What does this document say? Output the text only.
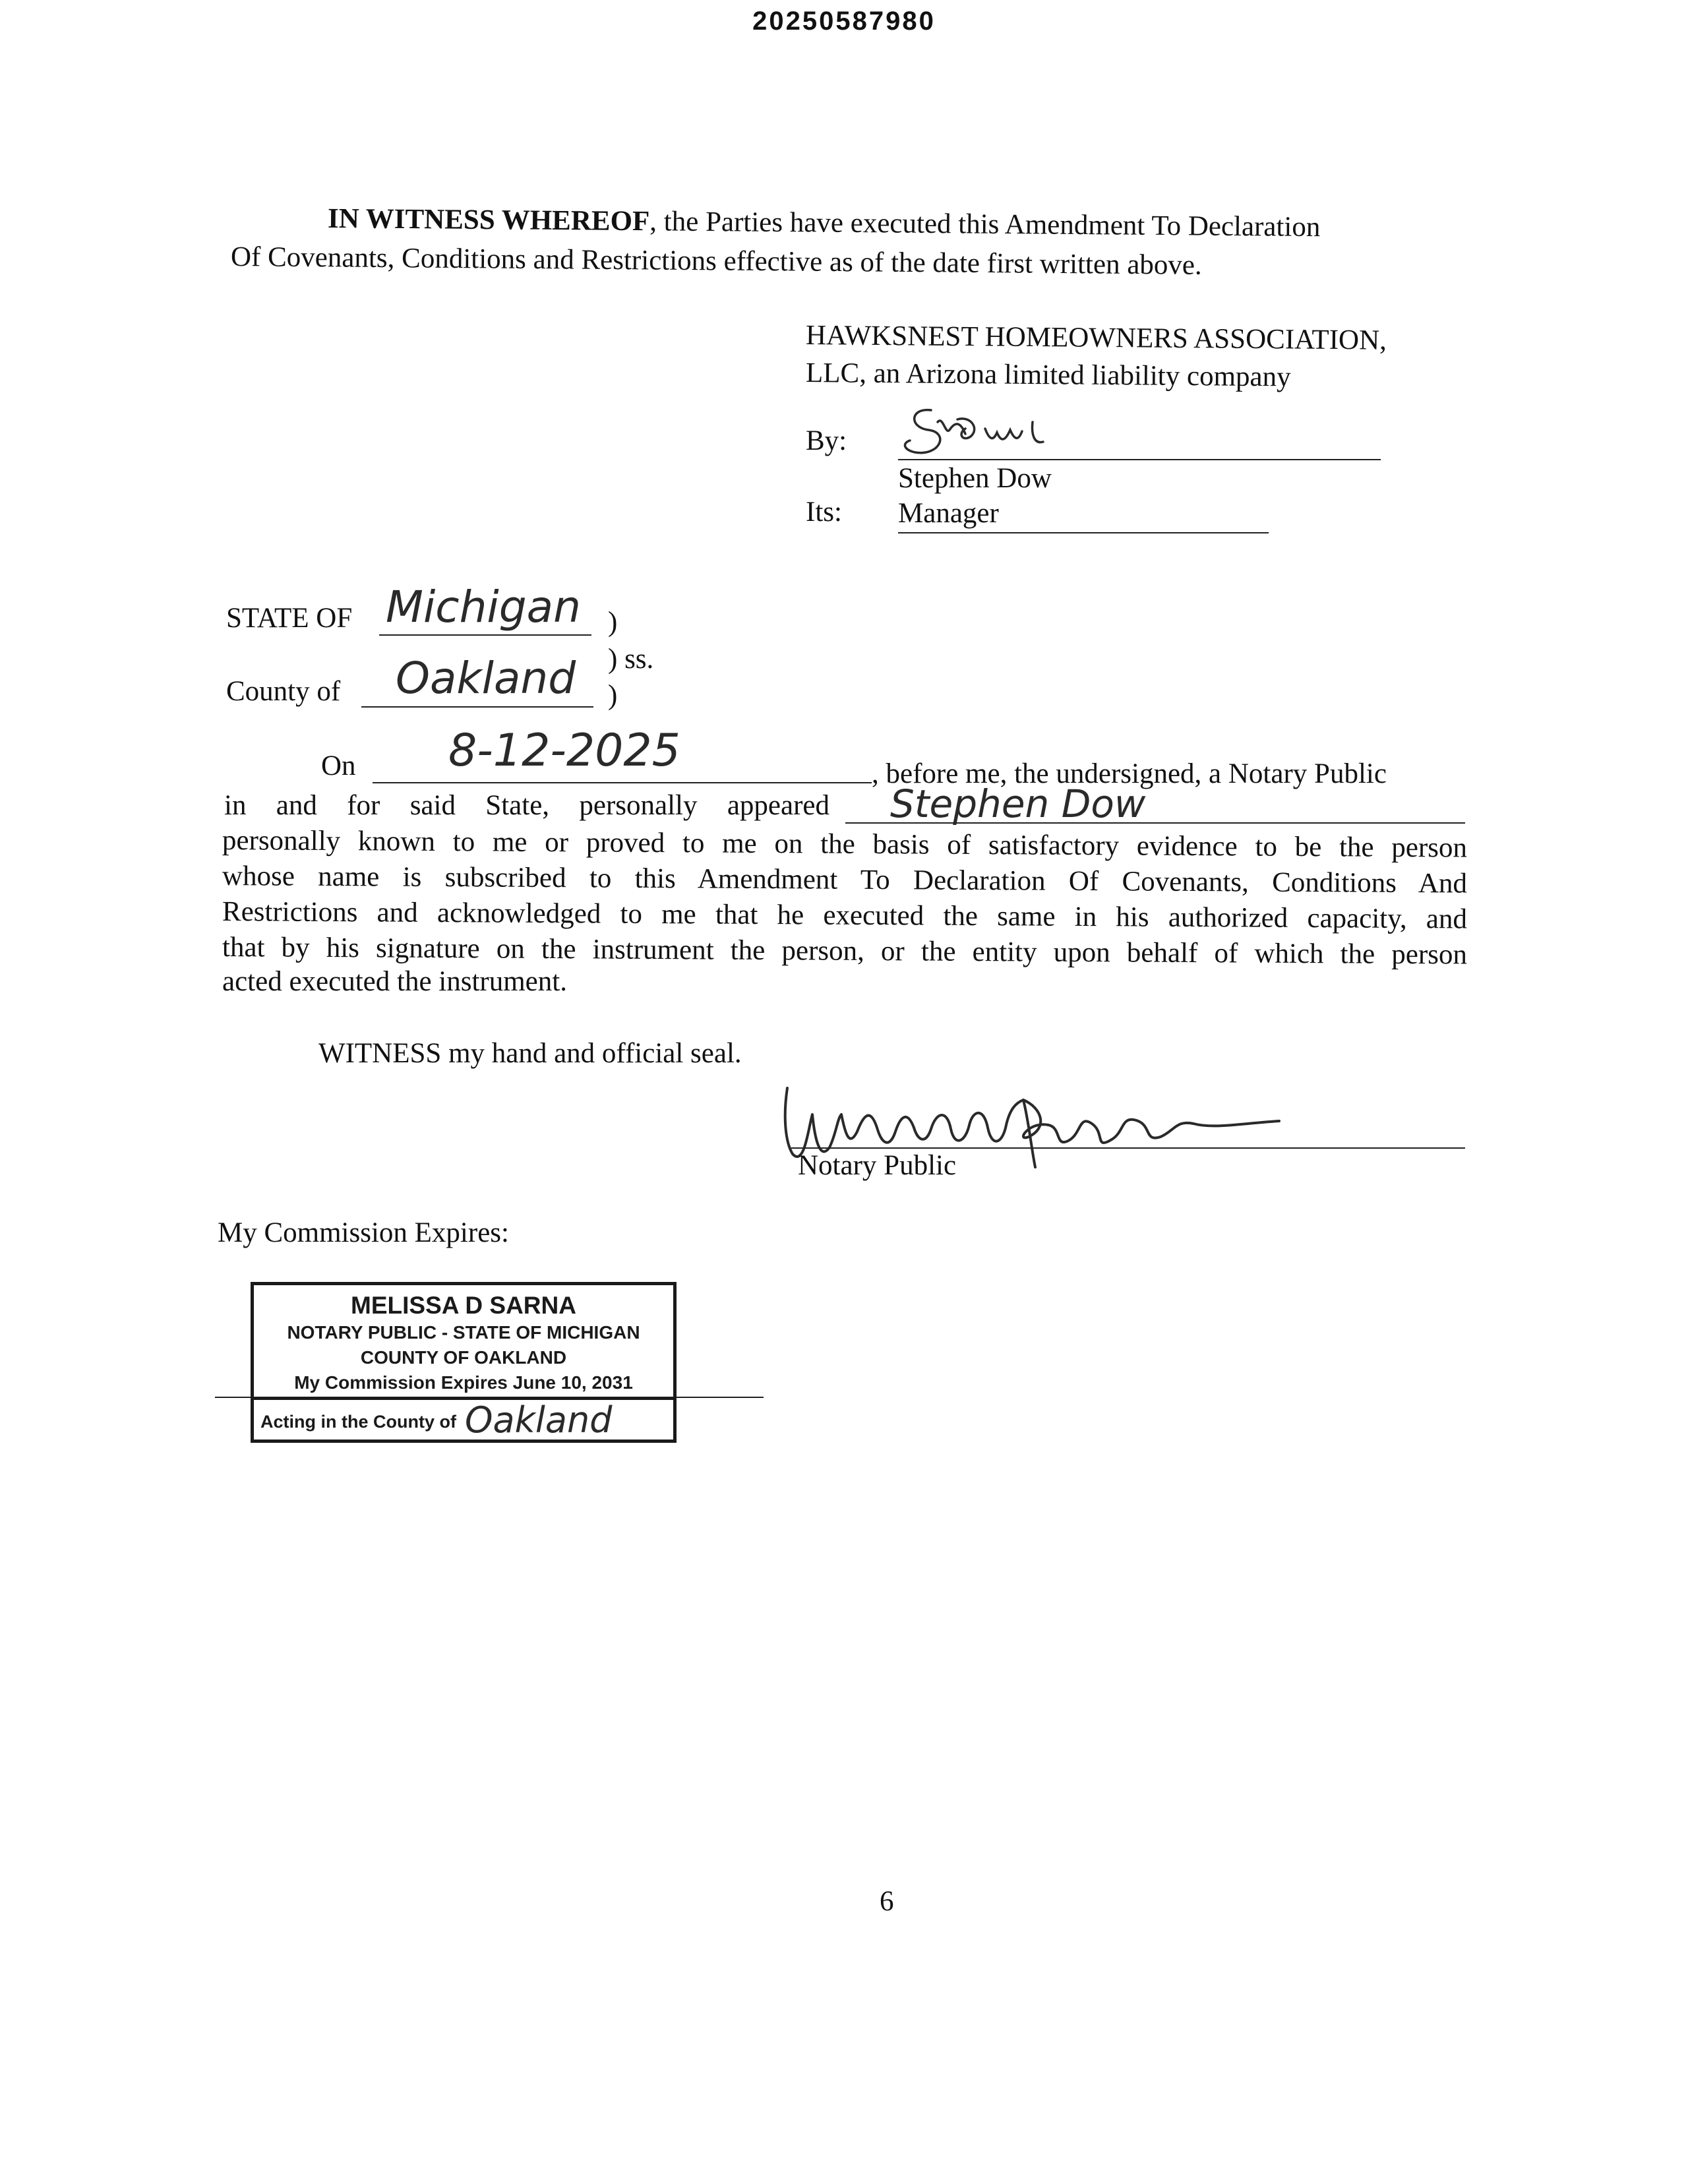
20250587980
IN WITNESS WHEREOF, the Parties have executed this Amendment To Declaration
Of Covenants, Conditions and Restrictions effective as of the date first written above.
HAWKSNEST HOMEOWNERS ASSOCIATION,
LLC, an Arizona limited liability company
By:
Stephen Dow
Its: Manager
STATE OF Michigan )
) ss.
County of Oakland )
On 8-12-2025	, before me, the undersigned, a Notary Public
in and for said State, personally appeared Stephen Dow
personally known to me or proved to me on the basis of satisfactory evidence to be the person
whose name is subscribed to this Amendment To Declaration Of Covenants, Conditions And
Restrictions and acknowledged to me that he executed the same in his authorized capacity, and
that by his signature on the instrument the person, or the entity upon behalf of which the person
acted executed the instrument.
WITNESS my hand and official seal.
Notary Public
My Commission Expires:
MELISSA D SARNA
NOTARY PUBLIC - STATE OF MICHIGAN
COUNTY OF OAKLAND
My Commission Expires June 10, 2031
Acting in the County of Oakland
6
